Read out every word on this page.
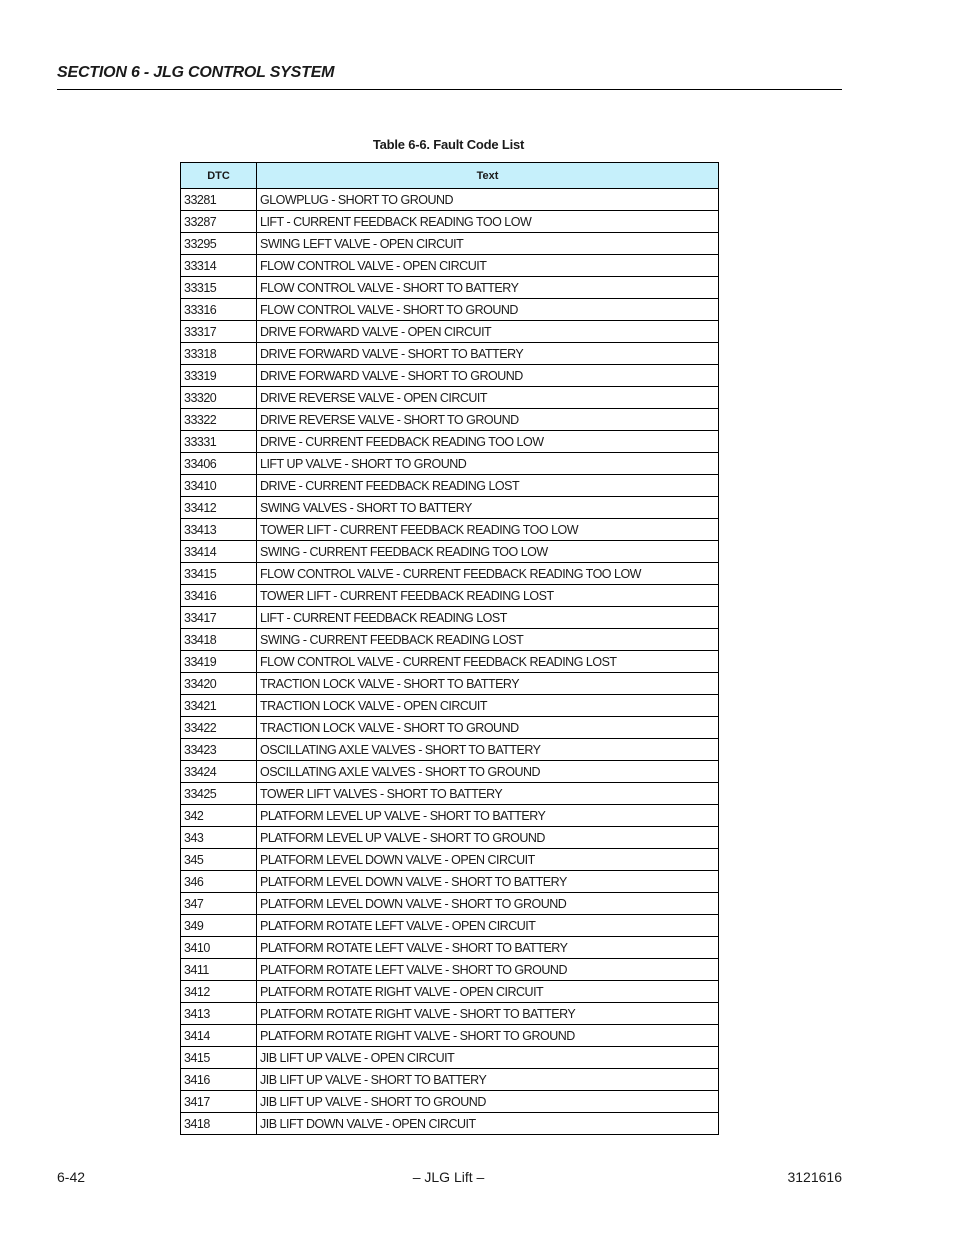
SECTION 6 - JLG CONTROL SYSTEM
Table 6-6. Fault Code List
DTC	Text
33281	GLOWPLUG - SHORT TO GROUND
33287	LIFT - CURRENT FEEDBACK READING TOO LOW
33295	SWING LEFT VALVE - OPEN CIRCUIT
33314	FLOW CONTROL VALVE - OPEN CIRCUIT
33315	FLOW CONTROL VALVE - SHORT TO BATTERY
33316	FLOW CONTROL VALVE - SHORT TO GROUND
33317	DRIVE FORWARD VALVE - OPEN CIRCUIT
33318	DRIVE FORWARD VALVE - SHORT TO BATTERY
33319	DRIVE FORWARD VALVE - SHORT TO GROUND
33320	DRIVE REVERSE VALVE - OPEN CIRCUIT
33322	DRIVE REVERSE VALVE - SHORT TO GROUND
33331	DRIVE - CURRENT FEEDBACK READING TOO LOW
33406	LIFT UP VALVE - SHORT TO GROUND
33410	DRIVE - CURRENT FEEDBACK READING LOST
33412	SWING VALVES - SHORT TO BATTERY
33413	TOWER LIFT - CURRENT FEEDBACK READING TOO LOW
33414	SWING - CURRENT FEEDBACK READING TOO LOW
33415	FLOW CONTROL VALVE - CURRENT FEEDBACK READING TOO LOW
33416	TOWER LIFT - CURRENT FEEDBACK READING LOST
33417	LIFT - CURRENT FEEDBACK READING LOST
33418	SWING - CURRENT FEEDBACK READING LOST
33419	FLOW CONTROL VALVE - CURRENT FEEDBACK READING LOST
33420	TRACTION LOCK VALVE - SHORT TO BATTERY
33421	TRACTION LOCK VALVE - OPEN CIRCUIT
33422	TRACTION LOCK VALVE - SHORT TO GROUND
33423	OSCILLATING AXLE VALVES - SHORT TO BATTERY
33424	OSCILLATING AXLE VALVES - SHORT TO GROUND
33425	TOWER LIFT VALVES - SHORT TO BATTERY
342	PLATFORM LEVEL UP VALVE - SHORT TO BATTERY
343	PLATFORM LEVEL UP VALVE - SHORT TO GROUND
345	PLATFORM LEVEL DOWN VALVE - OPEN CIRCUIT
346	PLATFORM LEVEL DOWN VALVE - SHORT TO BATTERY
347	PLATFORM LEVEL DOWN VALVE - SHORT TO GROUND
349	PLATFORM ROTATE LEFT VALVE - OPEN CIRCUIT
3410	PLATFORM ROTATE LEFT VALVE - SHORT TO BATTERY
3411	PLATFORM ROTATE LEFT VALVE - SHORT TO GROUND
3412	PLATFORM ROTATE RIGHT VALVE - OPEN CIRCUIT
3413	PLATFORM ROTATE RIGHT VALVE - SHORT TO BATTERY
3414	PLATFORM ROTATE RIGHT VALVE - SHORT TO GROUND
3415	JIB LIFT UP VALVE - OPEN CIRCUIT
3416	JIB LIFT UP VALVE - SHORT TO BATTERY
3417	JIB LIFT UP VALVE - SHORT TO GROUND
3418	JIB LIFT DOWN VALVE - OPEN CIRCUIT
6-42	– JLG Lift –	3121616
